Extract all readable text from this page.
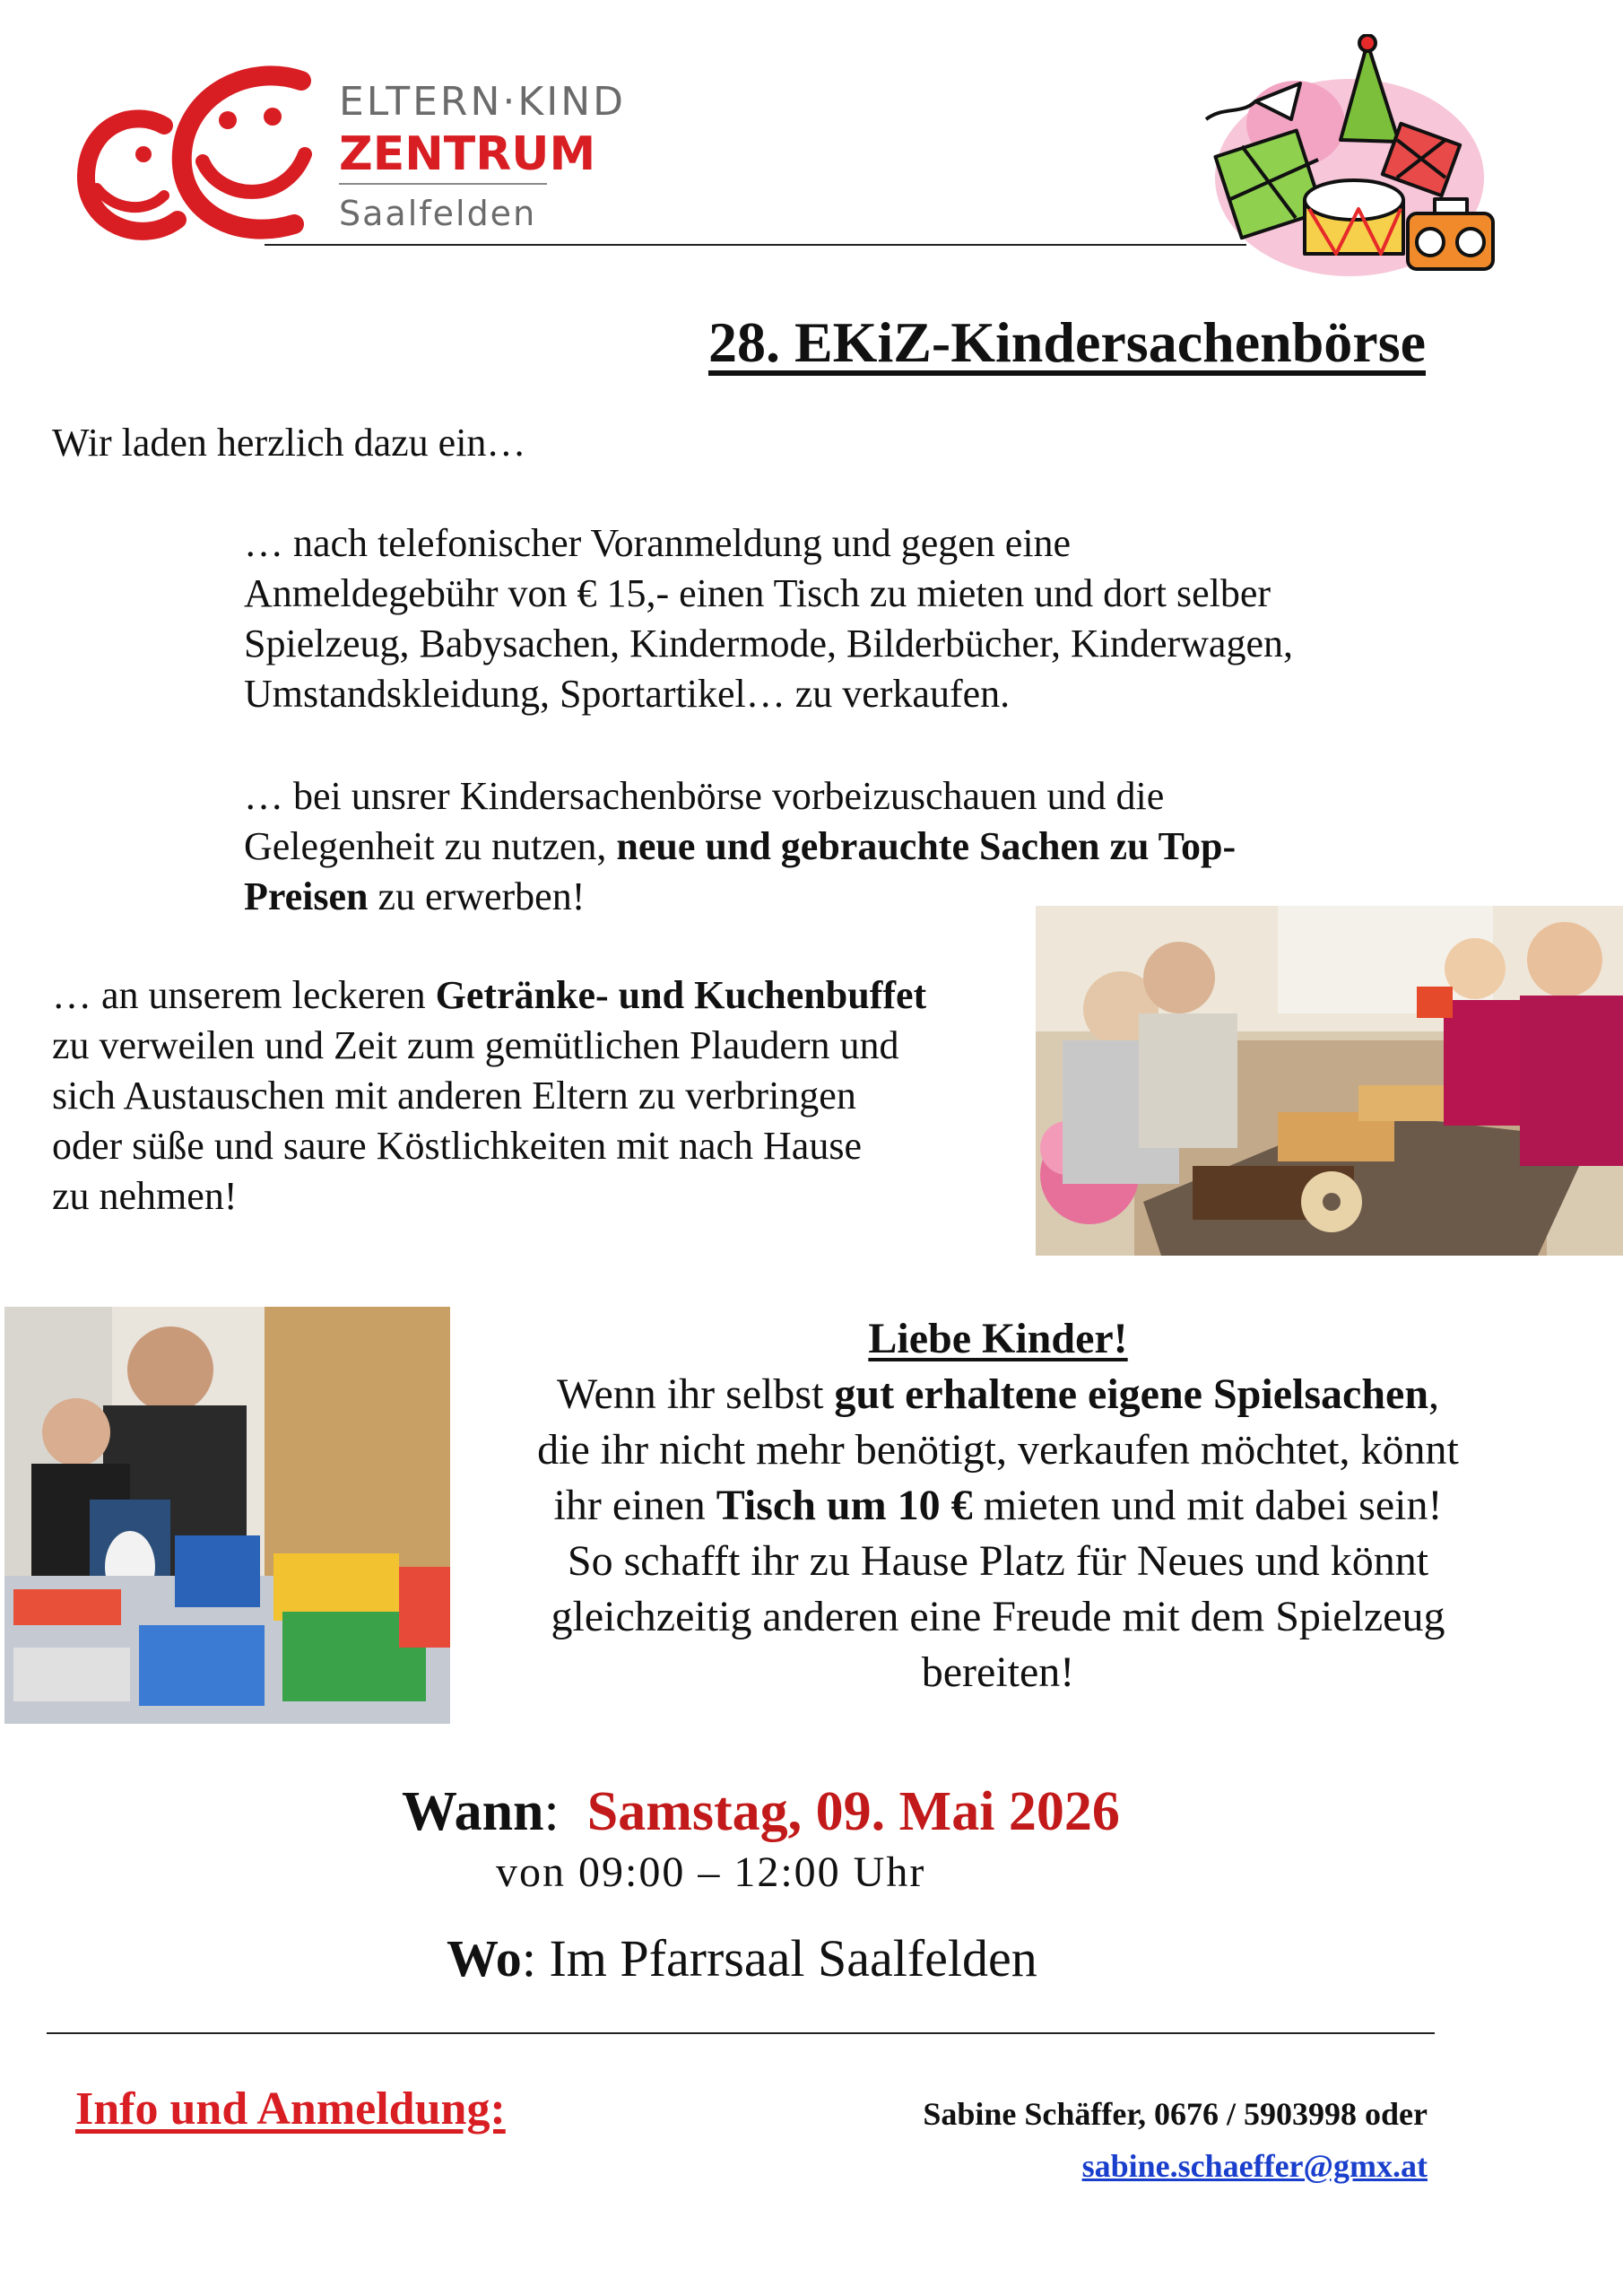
ELTERN·KIND
ZENTRUM
Saalfelden
28. EKiZ-Kindersachenbörse

Wir laden herzlich dazu ein…

… nach telefonischer Voranmeldung und gegen eine
Anmeldegebühr von € 15,- einen Tisch zu mieten und dort selber
Spielzeug, Babysachen, Kindermode, Bilderbücher, Kinderwagen,
Umstandskleidung, Sportartikel… zu verkaufen.
… bei unsrer Kindersachenbörse vorbeizuschauen und die
Gelegenheit zu nutzen, neue und gebrauchte Sachen zu Top-
Preisen zu erwerben!
… an unserem leckeren Getränke- und Kuchenbuffet
zu verweilen und Zeit zum gemütlichen Plaudern und
sich Austauschen mit anderen Eltern zu verbringen
oder süße und saure Köstlichkeiten mit nach Hause
zu nehmen!
Liebe Kinder!
Wenn ihr selbst gut erhaltene eigene Spielsachen,
die ihr nicht mehr benötigt, verkaufen möchtet, könnt
ihr einen Tisch um 10 € mieten und mit dabei sein!
So schafft ihr zu Hause Platz für Neues und könnt
gleichzeitig anderen eine Freude mit dem Spielzeug
bereiten!
Wann:  Samstag, 09. Mai 2026
von 09:00 – 12:00 Uhr
Wo: Im Pfarrsaal Saalfelden
Info und Anmeldung:	Sabine Schäffer, 0676 / 5903998 oder
sabine.schaeffer@gmx.at
